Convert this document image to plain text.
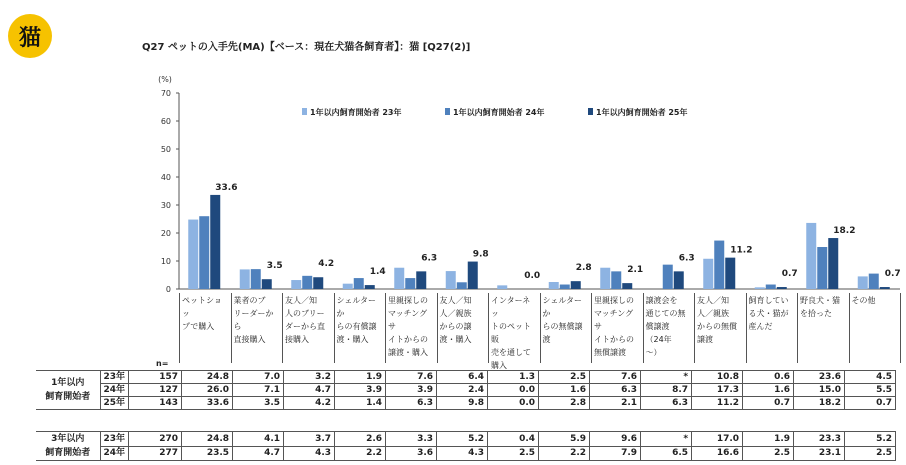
猫	Q27 ペットの入手先(MA)【ベース：現在犬猫各飼育者】：猫 [Q27(2)]
0
10
20
30
40
50
60
70
(%)
1年以内飼育開始者 23年	1年以内飼育開始者 24年	1年以内飼育開始者 25年
33.6
3.5	4.2
1.4
6.3	9.8
0.0
2.8	2.1
6.3
11.2
0.7
18.2
0.7
ペットショッ
プで購入
業者のブ
リーダーから
直接購入
友人／知
人のブリー
ダーから直
接購入
シェルターか
らの有償譲
渡・購入
里親探しの
マッチングサ
イトからの
譲渡・購入
友人／知
人／親族
からの譲
渡・購入
インターネッ
トのペット販
売を通して
購入
シェルターか
らの無償譲
渡
里親探しの
マッチングサ
イトからの
無償譲渡
譲渡会を
通じての無
償譲渡
（24年
～）
友人／知
人／親族
からの無償
譲渡
飼育してい
る犬・猫が
産んだ
野良犬・猫
を拾った
その他
n=
1年以内
飼育開始者	23年	157	24.8	7.0	3.2	1.9	7.6	6.4	1.3	2.5	7.6	*	10.8	0.6	23.6	4.5
	24年	127	26.0	7.1	4.7	3.9	3.9	2.4	0.0	1.6	6.3	8.7	17.3	1.6	15.0	5.5
	25年	143	33.6	3.5	4.2	1.4	6.3	9.8	0.0	2.8	2.1	6.3	11.2	0.7	18.2	0.7
3年以内
飼育開始者	23年	270	24.8	4.1	3.7	2.6	3.3	5.2	0.4	5.9	9.6	*	17.0	1.9	23.3	5.2
	24年	277	23.5	4.7	4.3	2.2	3.6	4.3	2.5	2.2	7.9	6.5	16.6	2.5	23.1	2.5
